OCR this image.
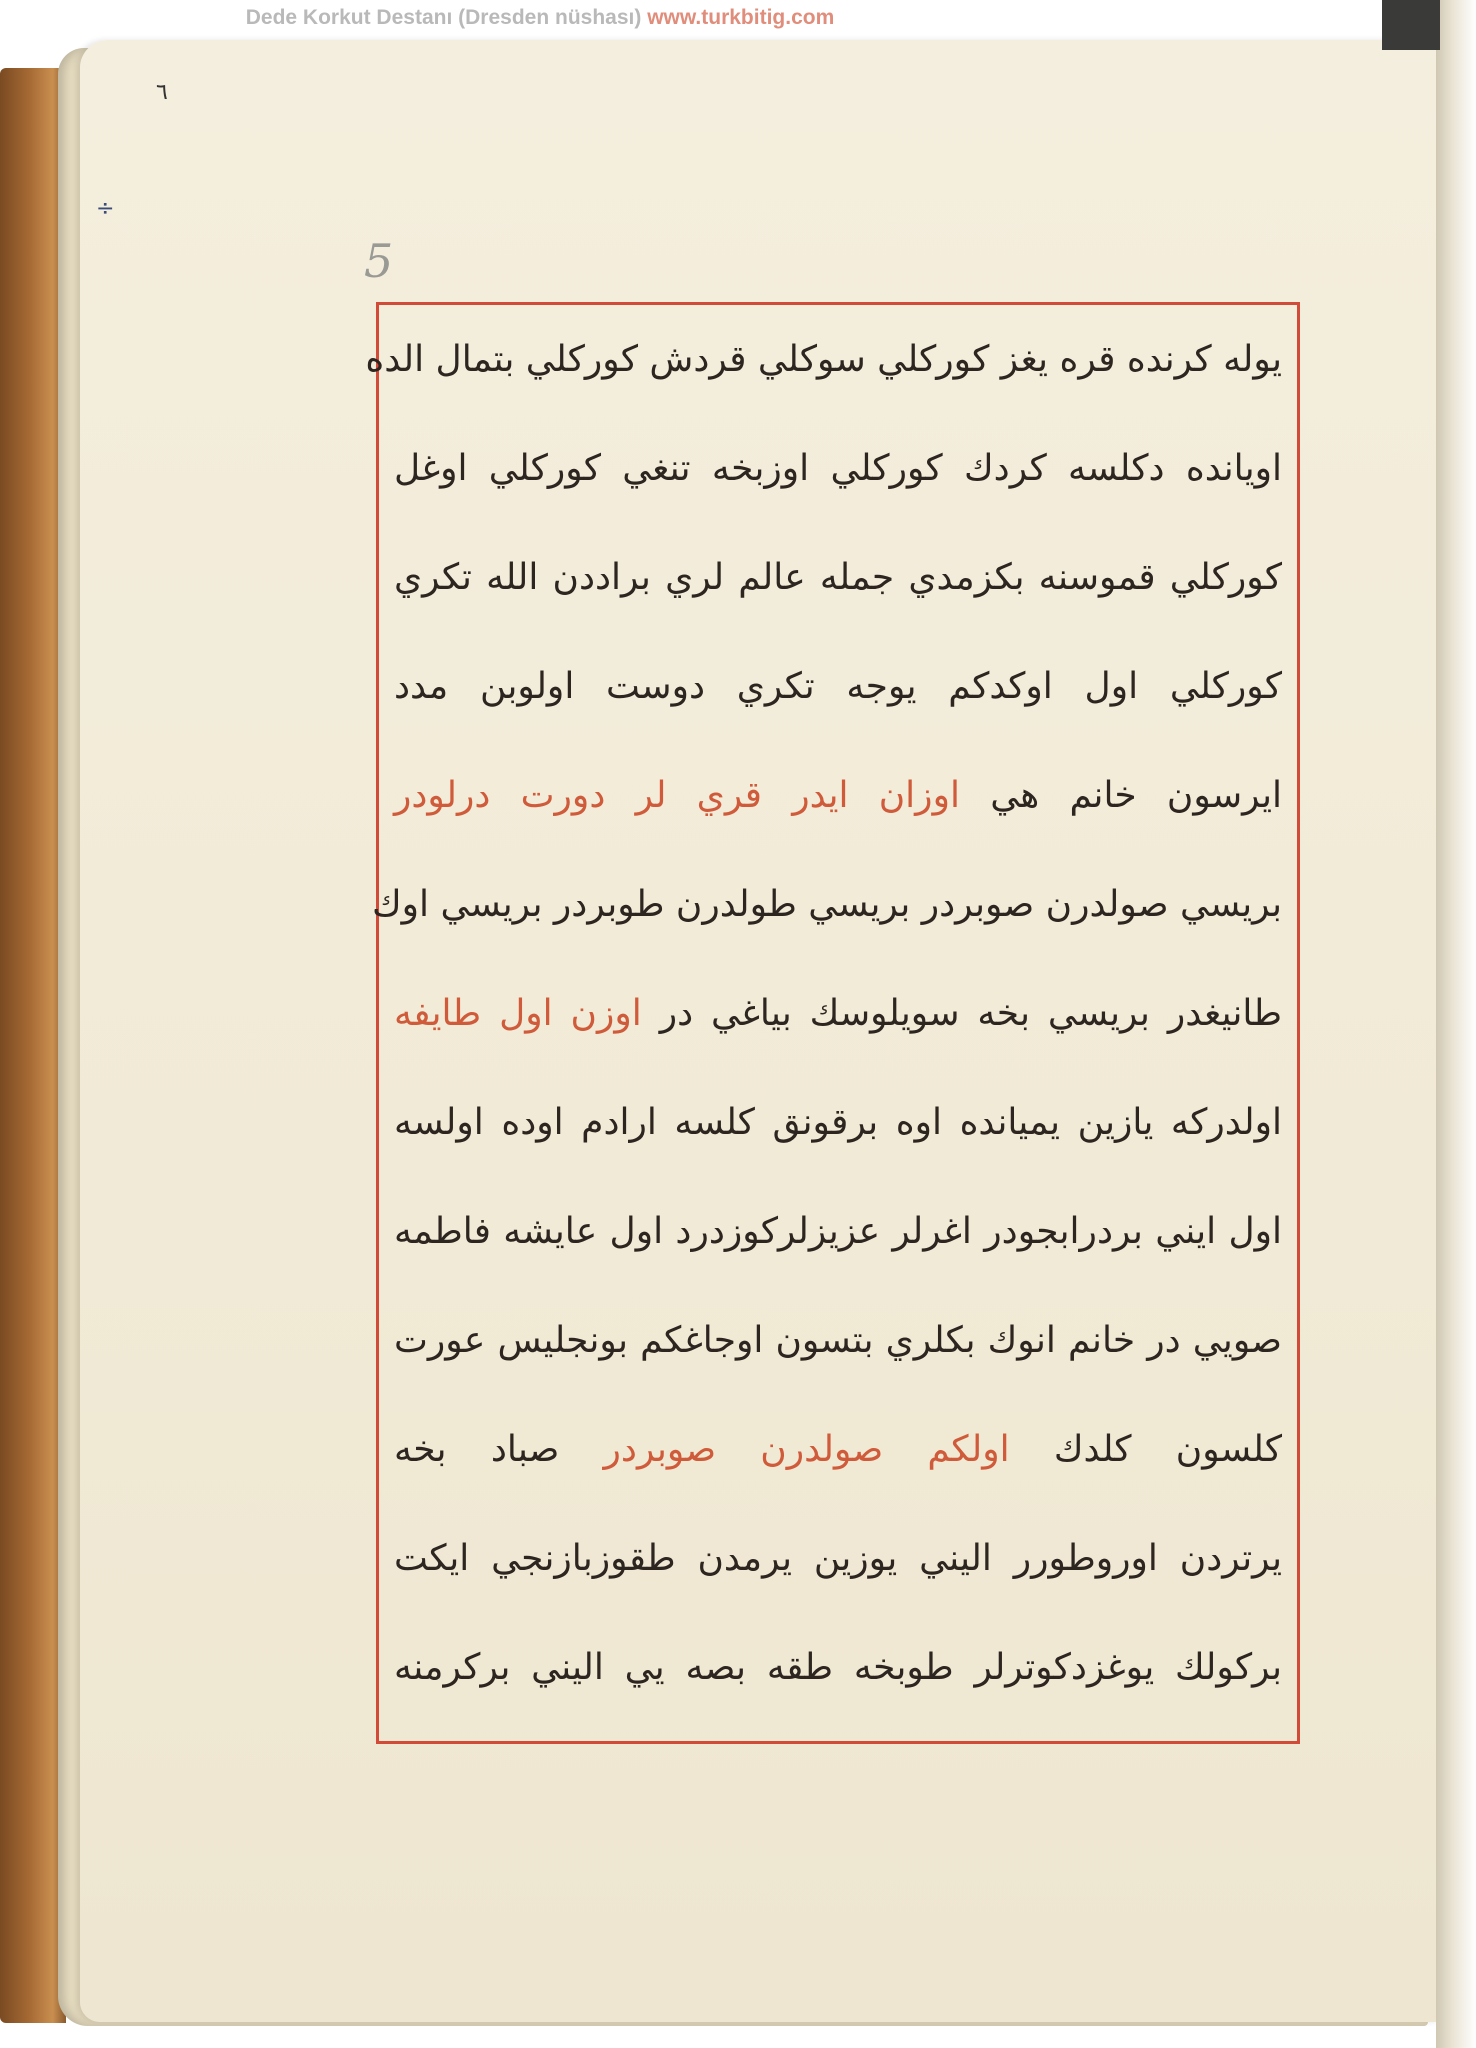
Dede Korkut Destanı (Dresden nüshası) www.turkbitig.com
٦
÷
5
يوله كرنده قره يغز كوركلي سوكلي قردش كوركلي بتمال الده
اويانده دكلسه كردك كوركلي اوزبخه تنغي كوركلي اوغل
كوركلي قموسنه بكزمدي جمله عالم لري براددن الله تكري
كوركلي اول اوكدكم يوجه تكري دوست اولوبن مدد
ايرسون خانم هي اوزان ايدر قري لر دورت درلودر
بريسي صولدرن صوبردر بريسي طولدرن طوبردر بريسي اوك
طانيغدر بريسي بخه سويلوسك بياغي در اوزن اول طايفه
اولدركه يازين يميانده اوه برقونق كلسه ارادم اوده اولسه
اول ايني بردرابجودر اغرلر عزيزلركوزدرد اول عايشه فاطمه
صويي در خانم انوك بكلري بتسون اوجاغكم بونجليس عورت
كلسون كلدك اولكم صولدرن صوبردر صباد بخه
يرتردن اوروطورر اليني يوزين يرمدن طقوزبازنجي ايكت
بركولك يوغزدكوترلر طوبخه طقه بصه يي اليني بركرمنه
